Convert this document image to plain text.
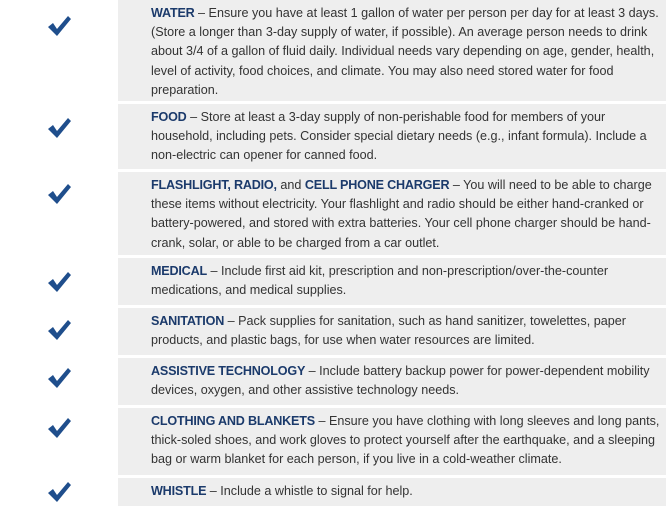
WATER – Ensure you have at least 1 gallon of water per person per day for at least 3 days. (Store a longer than 3-day supply of water, if possible). An average person needs to drink about 3/4 of a gallon of fluid daily. Individual needs vary depending on age, gender, health, level of activity, food choices, and climate. You may also need stored water for food preparation.
FOOD – Store at least a 3-day supply of non-perishable food for members of your household, including pets. Consider special dietary needs (e.g., infant formula). Include a non-electric can opener for canned food.
FLASHLIGHT, RADIO, and CELL PHONE CHARGER – You will need to be able to charge these items without electricity. Your flashlight and radio should be either hand-cranked or battery-powered, and stored with extra batteries. Your cell phone charger should be hand-crank, solar, or able to be charged from a car outlet.
MEDICAL – Include first aid kit, prescription and non-prescription/over-the-counter medications, and medical supplies.
SANITATION – Pack supplies for sanitation, such as hand sanitizer, towelettes, paper products, and plastic bags, for use when water resources are limited.
ASSISTIVE TECHNOLOGY – Include battery backup power for power-dependent mobility devices, oxygen, and other assistive technology needs.
CLOTHING AND BLANKETS – Ensure you have clothing with long sleeves and long pants, thick-soled shoes, and work gloves to protect yourself after the earthquake, and a sleeping bag or warm blanket for each person, if you live in a cold-weather climate.
WHISTLE – Include a whistle to signal for help.
